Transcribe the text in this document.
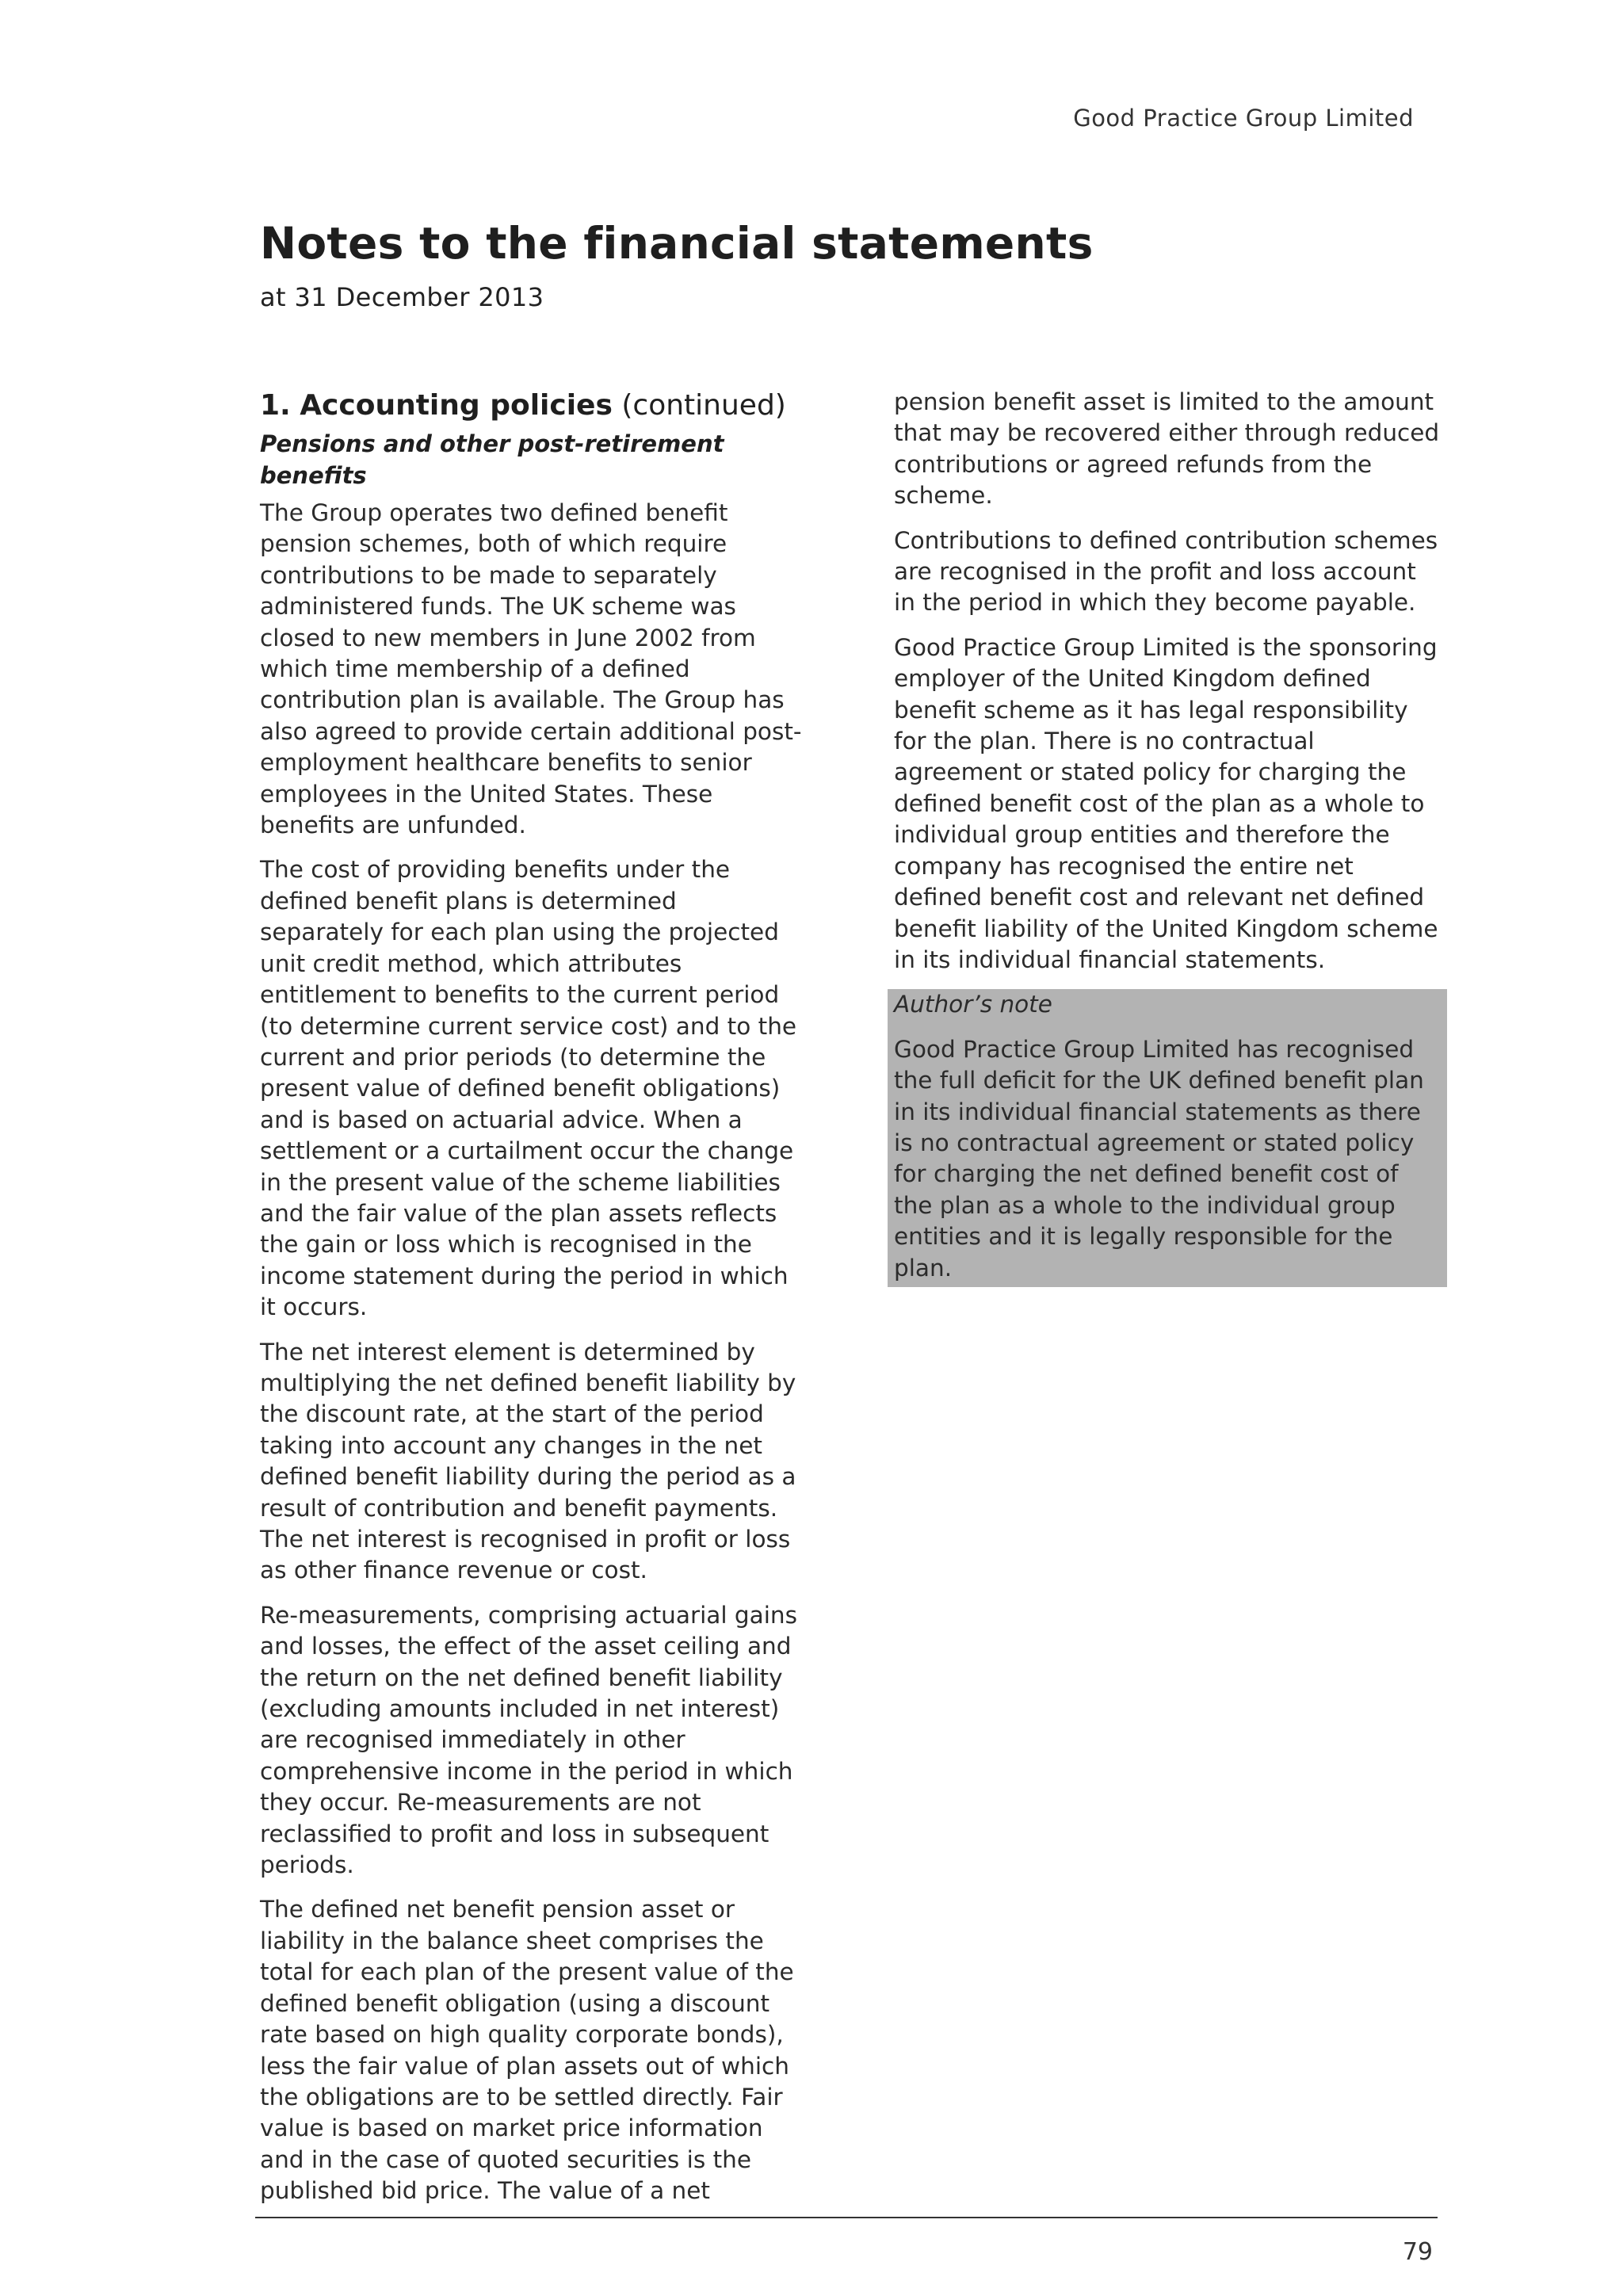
Good Practice Group Limited
Notes to the financial statements
at 31 December 2013
1. Accounting policies (continued)
Pensions and other post-retirement benefits

The Group operates two defined benefit pension schemes, both of which require contributions to be made to separately administered funds. The UK scheme was closed to new members in June 2002 from which time membership of a defined contribution plan is available. The Group has also agreed to provide certain additional post-employment healthcare benefits to senior employees in the United States. These benefits are unfunded.

The cost of providing benefits under the defined benefit plans is determined separately for each plan using the projected unit credit method, which attributes entitlement to benefits to the current period (to determine current service cost) and to the current and prior periods (to determine the present value of defined benefit obligations) and is based on actuarial advice. When a settlement or a curtailment occur the change in the present value of the scheme liabilities and the fair value of the plan assets reflects the gain or loss which is recognised in the income statement during the period in which it occurs.

The net interest element is determined by multiplying the net defined benefit liability by the discount rate, at the start of the period taking into account any changes in the net defined benefit liability during the period as a result of contribution and benefit payments. The net interest is recognised in profit or loss as other finance revenue or cost.

Re-measurements, comprising actuarial gains and losses, the effect of the asset ceiling and the return on the net defined benefit liability (excluding amounts included in net interest) are recognised immediately in other comprehensive income in the period in which they occur. Re-measurements are not reclassified to profit and loss in subsequent periods.

The defined net benefit pension asset or liability in the balance sheet comprises the total for each plan of the present value of the defined benefit obligation (using a discount rate based on high quality corporate bonds), less the fair value of plan assets out of which the obligations are to be settled directly. Fair value is based on market price information and in the case of quoted securities is the published bid price. The value of a net

pension benefit asset is limited to the amount that may be recovered either through reduced contributions or agreed refunds from the scheme.

Contributions to defined contribution schemes are recognised in the profit and loss account in the period in which they become payable.

Good Practice Group Limited is the sponsoring employer of the United Kingdom defined benefit scheme as it has legal responsibility for the plan. There is no contractual agreement or stated policy for charging the defined benefit cost of the plan as a whole to individual group entities and therefore the company has recognised the entire net defined benefit cost and relevant net defined benefit liability of the United Kingdom scheme in its individual financial statements.

Author’s note

Good Practice Group Limited has recognised the full deficit for the UK defined benefit plan in its individual financial statements as there is no contractual agreement or stated policy for charging the net defined benefit cost of the plan as a whole to the individual group entities and it is legally responsible for the plan.

79
